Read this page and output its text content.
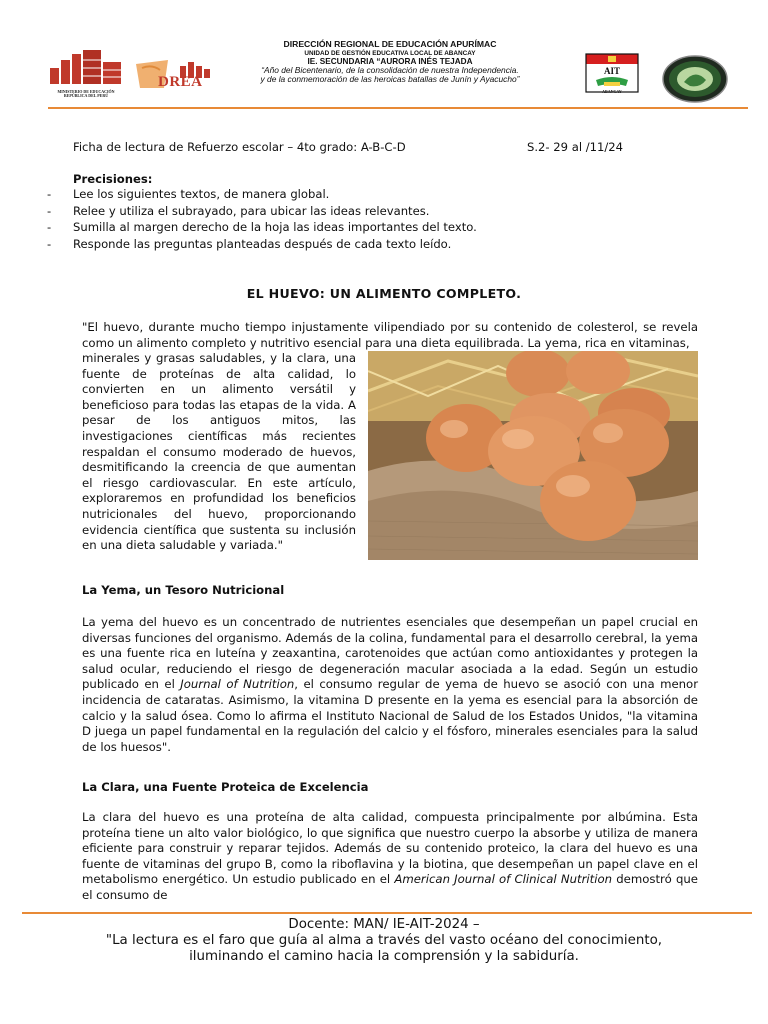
MINISTERIO DE EDUCACIÓN REPÚBLICA DEL PERÚ
DREA
DIRECCIÓN REGIONAL DE EDUCACIÓN APURÍMAC
UNIDAD DE GESTIÓN EDUCATIVA LOCAL DE ABANCAY
IE. SECUNDARIA “AURORA INÉS TEJADA
“Año del Bicentenario, de la consolidación de nuestra Independencia.
y de la conmemoración de las heroicas batallas de Junín y Ayacucho”
AIT
ABANCAY
Ficha de lectura de Refuerzo escolar – 4to grado: A-B-C-D	S.2- 29 al /11/24
Precisiones:
- Lee los siguientes textos, de manera global.
- Relee y utiliza el subrayado, para ubicar las ideas relevantes.
- Sumilla al margen derecho de la hoja las ideas importantes del texto.
- Responde las preguntas planteadas después de cada texto leído.
EL HUEVO: UN ALIMENTO COMPLETO.
"El huevo, durante mucho tiempo injustamente vilipendiado por su contenido de colesterol, se revela como un alimento completo y nutritivo esencial para una dieta equilibrada. La yema, rica en vitaminas,
minerales y grasas saludables, y la clara, una fuente de proteínas de alta calidad, lo convierten en un alimento versátil y beneficioso para todas las etapas de la vida. A pesar de los antiguos mitos, las investigaciones científicas más recientes respaldan el consumo moderado de huevos, desmitificando la creencia de que aumentan el riesgo cardiovascular. En este artículo, exploraremos en profundidad los beneficios nutricionales del huevo, proporcionando evidencia científica que sustenta su inclusión en una dieta saludable y variada."
La Yema, un Tesoro Nutricional
La yema del huevo es un concentrado de nutrientes esenciales que desempeñan un papel crucial en diversas funciones del organismo. Además de la colina, fundamental para el desarrollo cerebral, la yema es una fuente rica en luteína y zeaxantina, carotenoides que actúan como antioxidantes y protegen la salud ocular, reduciendo el riesgo de degeneración macular asociada a la edad. Según un estudio publicado en el Journal of Nutrition, el consumo regular de yema de huevo se asoció con una menor incidencia de cataratas. Asimismo, la vitamina D presente en la yema es esencial para la absorción de calcio y la salud ósea. Como lo afirma el Instituto Nacional de Salud de los Estados Unidos, "la vitamina D juega un papel fundamental en la regulación del calcio y el fósforo, minerales esenciales para la salud de los huesos".
La Clara, una Fuente Proteica de Excelencia
La clara del huevo es una proteína de alta calidad, compuesta principalmente por albúmina. Esta proteína tiene un alto valor biológico, lo que significa que nuestro cuerpo la absorbe y utiliza de manera eficiente para construir y reparar tejidos. Además de su contenido proteico, la clara del huevo es una fuente de vitaminas del grupo B, como la riboflavina y la biotina, que desempeñan un papel clave en el metabolismo energético. Un estudio publicado en el American Journal of Clinical Nutrition demostró que el consumo de
Docente: MAN/ IE-AIT-2024 –
"La lectura es el faro que guía al alma a través del vasto océano del conocimiento,
iluminando el camino hacia la comprensión y la sabiduría.
